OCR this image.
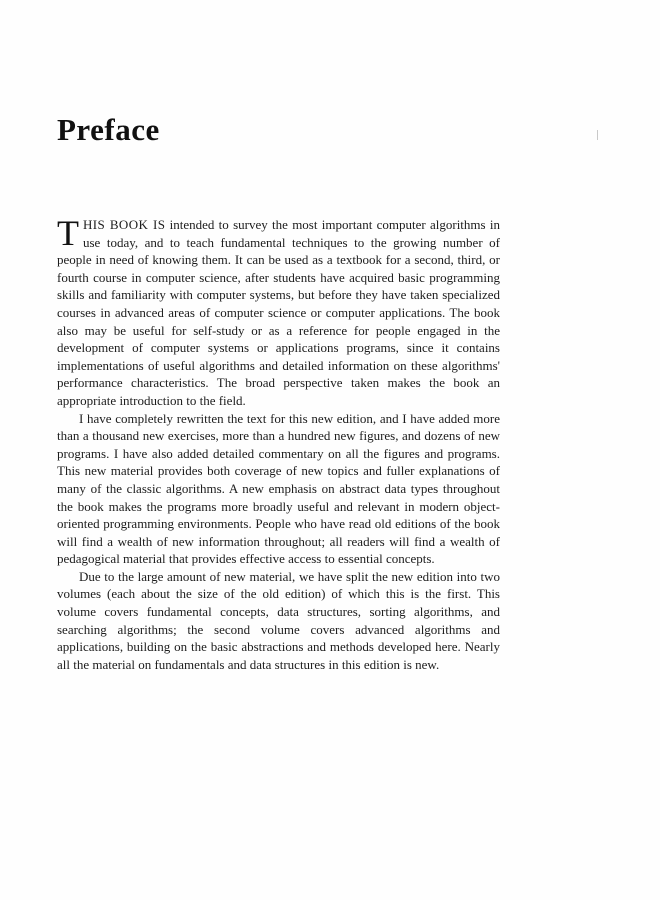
Preface

THIS BOOK IS intended to survey the most important computer algorithms in use today, and to teach fundamental techniques to the growing number of people in need of knowing them. It can be used as a textbook for a second, third, or fourth course in computer science, after students have acquired basic programming skills and familiarity with computer systems, but before they have taken specialized courses in advanced areas of computer science or computer applications. The book also may be useful for self-study or as a reference for people engaged in the development of computer systems or applications programs, since it contains implementations of useful algorithms and detailed information on these algorithms' performance characteristics. The broad perspective taken makes the book an appropriate introduction to the field.

I have completely rewritten the text for this new edition, and I have added more than a thousand new exercises, more than a hundred new figures, and dozens of new programs. I have also added detailed commentary on all the figures and programs. This new material provides both coverage of new topics and fuller explanations of many of the classic algorithms. A new emphasis on abstract data types throughout the book makes the programs more broadly useful and relevant in modern object-oriented programming environments. People who have read old editions of the book will find a wealth of new information throughout; all readers will find a wealth of pedagogical material that provides effective access to essential concepts.

Due to the large amount of new material, we have split the new edition into two volumes (each about the size of the old edition) of which this is the first. This volume covers fundamental concepts, data structures, sorting algorithms, and searching algorithms; the second volume covers advanced algorithms and applications, building on the basic abstractions and methods developed here. Nearly all the material on fundamentals and data structures in this edition is new.
